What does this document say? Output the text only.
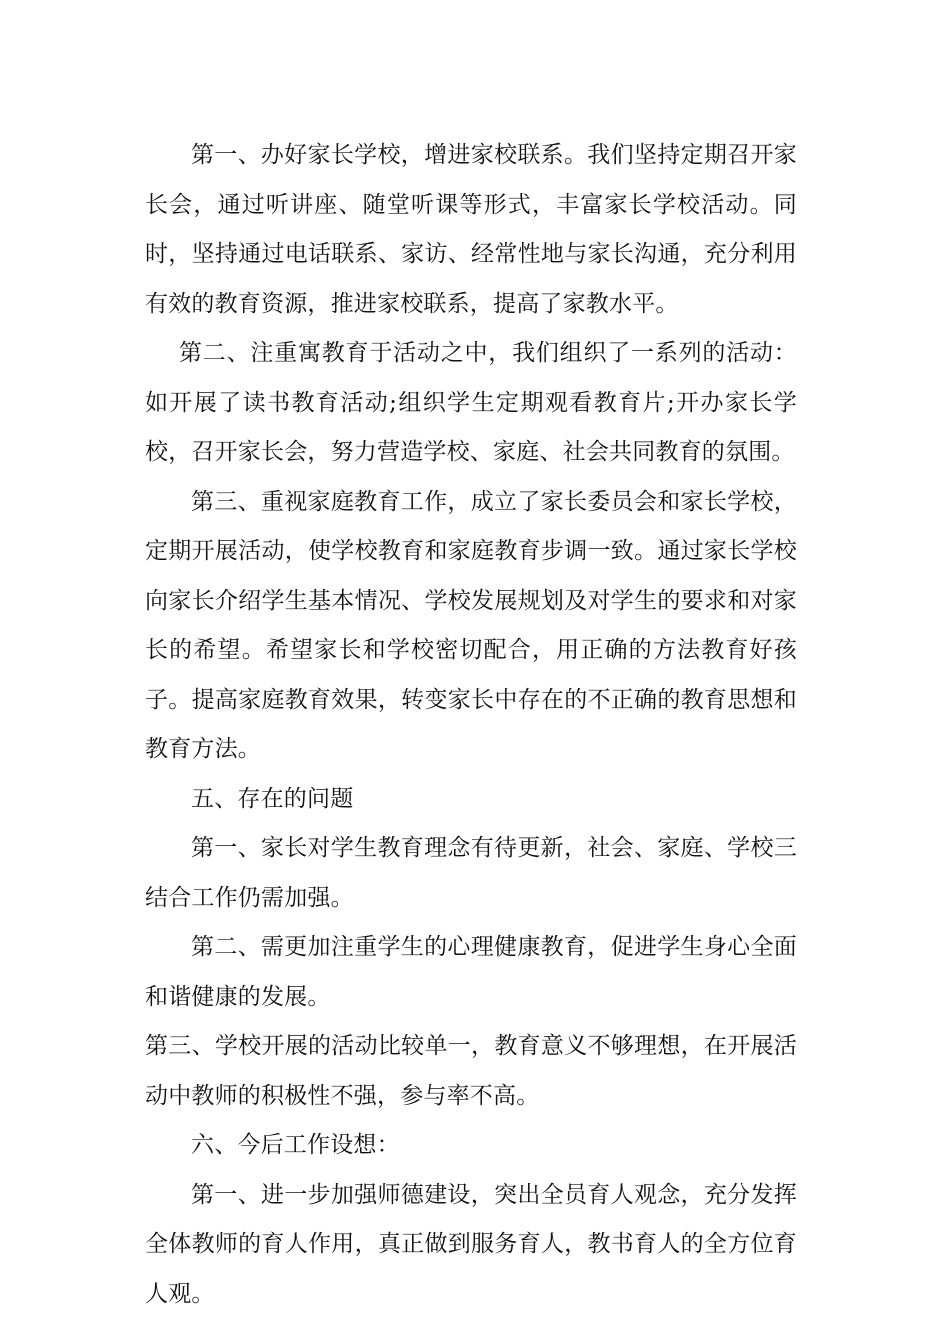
第一、办好家长学校，增进家校联系。我们坚持定期召开家长会，通过听讲座、随堂听课等形式，丰富家长学校活动。同时，坚持通过电话联系、家访、经常性地与家长沟通，充分利用有效的教育资源，推进家校联系，提高了家教水平。

第二、注重寓教育于活动之中，我们组织了一系列的活动：如开展了读书教育活动;组织学生定期观看教育片;开办家长学校，召开家长会，努力营造学校、家庭、社会共同教育的氛围。

第三、重视家庭教育工作，成立了家长委员会和家长学校，定期开展活动，使学校教育和家庭教育步调一致。通过家长学校向家长介绍学生基本情况、学校发展规划及对学生的要求和对家长的希望。希望家长和学校密切配合，用正确的方法教育好孩子。提高家庭教育效果，转变家长中存在的不正确的教育思想和教育方法。

五、存在的问题

第一、家长对学生教育理念有待更新，社会、家庭、学校三结合工作仍需加强。

第二、需更加注重学生的心理健康教育，促进学生身心全面和谐健康的发展。

第三、学校开展的活动比较单一，教育意义不够理想，在开展活动中教师的积极性不强，参与率不高。

六、今后工作设想：

第一、进一步加强师德建设，突出全员育人观念，充分发挥全体教师的育人作用，真正做到服务育人，教书育人的全方位育人观。
